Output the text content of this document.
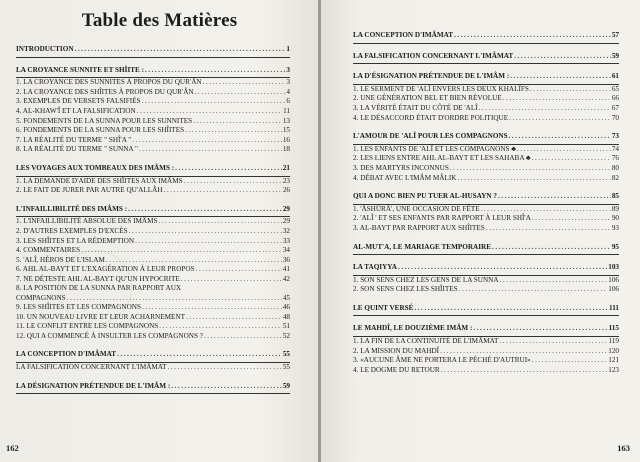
Table des Matières
INTRODUCTION .....	1
LA CROYANCE SUNNITE ET SHÎITE : .....	3
1. LA CROYANCE DES SUNNITES À PROPOS DU QUR'ÂN .....	3
2. LA CROYANCE DES SHÎITES À PROPOS DU QUR'ÂN .....	4
3. EXEMPLES DE VERSETS FALSIFIÉS .....	6
4. AL-KHAW'Î ET LA FALSIFICATION .....	11
5. FONDEMENTS DE LA SUNNA POUR LES SUNNITES .....	13
6. FONDEMENTS DE LA SUNNA POUR LES SHÎITES .....	15
7. LA RÉALITÉ DU TERME " SHÎ'A " .....	16
8. LA RÉALITÉ DU TERME " SUNNA " .....	18
LES VOYAGES AUX TOMBEAUX DES IMÂMS : .....	21
1. LA DEMANDE D'AIDE DES SHÎITES AUX IMÂMS .....	23
2. LE FAIT DE JURER PAR AUTRE QU'ALLÂH .....	26
L'INFAILLIBILITÉ DES IMÂMS : .....	29
1. L'INFAILLIBILITÉ ABSOLUE DES IMÂMS .....	29
2. D'AUTRES EXEMPLES D'EXCÈS .....	32
3. LES SHÎITES ET LA RÉDEMPTION .....	33
4. COMMENTAIRES .....	34
5. 'ALÎ, HÉROS DE L'ISLAM .....	36
6. AHL AL-BAYT ET L'EXAGÉRATION À LEUR PROPOS .....	41
7. NE DÉTESTE AHL AL-BAYT QU'UN HYPOCRITE .....	42
8. LA POSITION DE LA SUNNA PAR RAPPORT AUX
COMPAGNONS .....	45
9. LES SHÎITES ET LES COMPAGNONS .....	46
10. UN NOUVEAU LIVRE ET LEUR ACHARNEMENT .....	48
11. LE CONFLIT ENTRE LES COMPAGNONS .....	51
12. QUI A COMMENCÉ À INSULTER LES COMPAGNONS ? .....	52
LA CONCEPTION D'IMÂMAT .....	55
LA FALSIFICATION CONCERNANT L'IMÂMAT .....	55
LA DÉSIGNATION PRÉTENDUE DE L'IMÂM : .....	59
162
LA CONCEPTION D'IMÂMAT .....	57
LA FALSIFICATION CONCERNANT L'IMÂMAT .....	59
LA D'ÉSIGNATION PRÉTENDUE DE L'IMÂM : .....	61
1. LE SERMENT DE 'ALÎ ENVERS LES DEUX KHALÎFS .....	65
2. UNE GÉNÉRATION BEL ET BIEN RÉVOLUE .....	66
3. LA VÉRITÉ ÉTAIT DU CÔTÉ DE 'ALÎ .....	67
4. LE DÉSACCORD ÉTAIT D'ORDRE POLITIQUE .....	70
L'AMOUR DE 'ALÎ POUR LES COMPAGNONS .....	73
1. LES ENFANTS DE 'ALÎ ET LES COMPAGNONS ♣ .....	74
2. LES LIENS ENTRE AHL AL-BAYT ET LES SAHABA ♣ .....	76
3. DES MARTYRS INCONNUS .....	80
4. DÉBAT AVEC L'IMÂM MÂLIK .....	82
QUI A DONC BIEN PU TUER AL-HUSAYN ? .....	85
1. 'ÂSHÛRÂ', UNE OCCASION DE FÊTE .....	89
2. 'ALÎ ' ET SES ENFANTS PAR RAPPORT À LEUR SHÎ'A .....	90
3. AL-BAYT PAR RAPPORT AUX SHÎITES .....	93
AL-MUT'A, LE MARIAGE TEMPORAIRE .....	95
LA TAQIYYA .....	103
1. SON SENS CHEZ LES GENS DE LA SUNNA .....	106
2. SON SENS CHEZ LES SHÎITES .....	106
LE QUINT VERSÉ .....	111
LE MAHDÎ, LE DOUZIÈME IMÂM : .....	115
1. LA FIN DE LA CONTINUITÉ DE L'IMÂMAT .....	119
2. LA MISSION DU MAHDÎ .....	120
3. «AUCUNE ÂME NE PORTERA LE PÉCHÉ D'AUTRUI» .....	121
4. LE DOGME DU RETOUR .....	123
163
